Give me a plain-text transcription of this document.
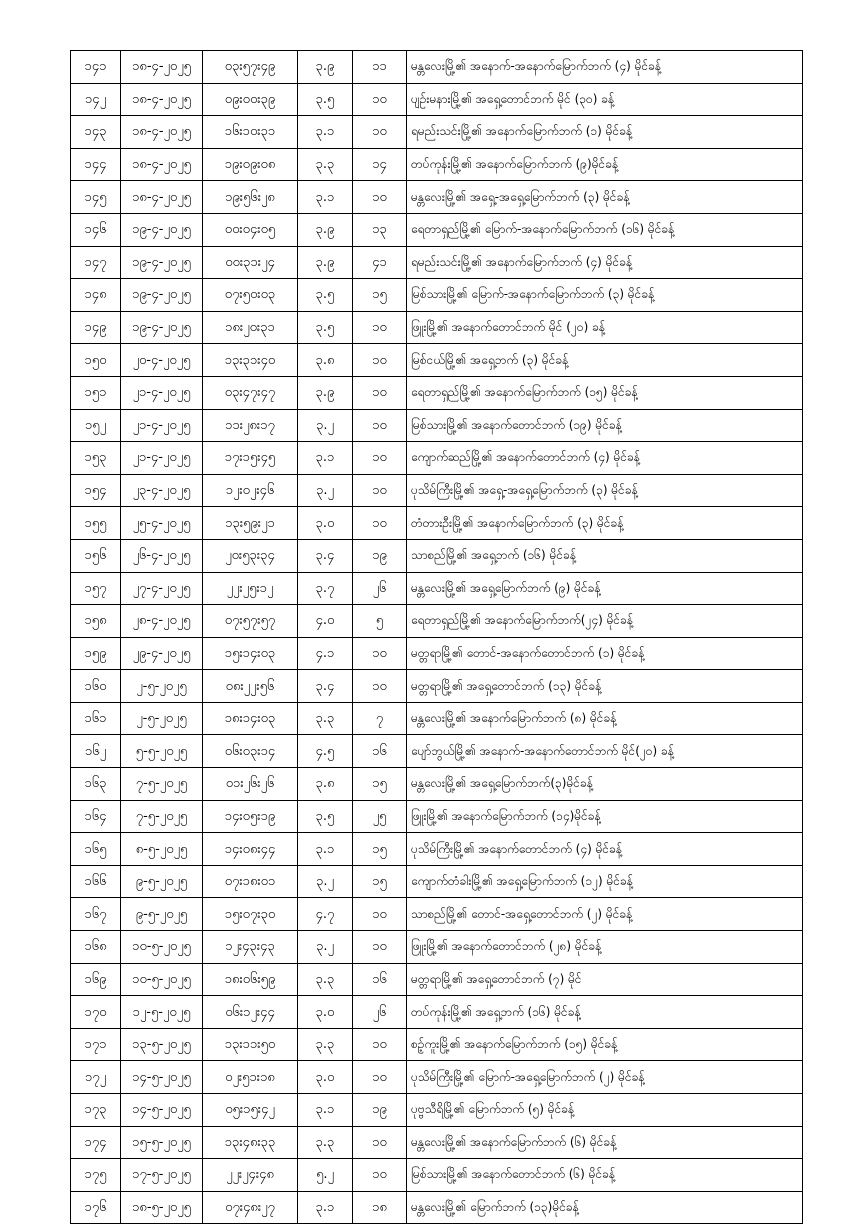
၁၄၁	၁၈-၄-၂၀၂၅	၀၃း၅၇း၄၉	၃.၉	၁၁	မန္တလေးမြို့၏ အနောက်-အနောက်မြောက်ဘက် (၄) မိုင်ခန့်
၁၄၂	၁၈-၄-၂၀၂၅	၀၉း၀၀း၃၉	၃.၅	၁၀	ပျဉ်းမနားမြို့၏ အရှေ့တောင်ဘက် မိုင် (၃၀) ခန့်
၁၄၃	၁၈-၄-၂၀၂၅	၁၆း၁၀း၃၁	၃.၁	၁၀	ရမည်းသင်းမြို့၏ အနောက်မြောက်ဘက် (၁) မိုင်ခန့်
၁၄၄	၁၈-၄-၂၀၂၅	၁၉း၀၉း၀၈	၃.၃	၁၄	တပ်ကုန်းမြို့၏ အနောက်မြောက်ဘက် (၉)မိုင်ခန့်
၁၄၅	၁၈-၄-၂၀၂၅	၁၉း၅၆း၂၈	၃.၁	၁၀	မန္တလေးမြို့၏ အရှေ့-အရှေ့မြောက်ဘက် (၃) မိုင်ခန့်
၁၄၆	၁၉-၄-၂၀၂၅	၀၀း၀၄း၀၅	၃.၉	၁၃	ရေတာရှည်မြို့၏ မြောက်-အနောက်မြောက်ဘက် (၁၆) မိုင်ခန့်
၁၄၇	၁၉-၄-၂၀၂၅	၀၀း၃၁း၂၄	၃.၉	၄၁	ရမည်းသင်းမြို့၏ အနောက်မြောက်ဘက် (၄) မိုင်ခန့်
၁၄၈	၁၉-၄-၂၀၂၅	၀၇း၅၀း၀၃	၃.၅	၁၅	မြစ်သားမြို့၏ မြောက်-အနောက်မြောက်ဘက် (၃) မိုင်ခန့်
၁၄၉	၁၉-၄-၂၀၂၅	၁၈း၂၀း၃၁	၃.၅	၁၀	ဖြူးမြို့၏ အနောက်တောင်ဘက် မိုင် (၂၀) ခန့်
၁၅၀	၂၀-၄-၂၀၂၅	၁၃း၃၁း၄၀	၃.၈	၁၀	မြစ်ငယ်မြို့၏ အရှေ့ဘက် (၃) မိုင်ခန့်
၁၅၁	၂၁-၄-၂၀၂၅	၀၃း၄၇း၄၇	၃.၉	၁၀	ရေတာရှည်မြို့၏ အနောက်မြောက်ဘက် (၁၅) မိုင်ခန့်
၁၅၂	၂၁-၄-၂၀၂၅	၁၁း၂၈း၁၇	၃.၂	၁၀	မြစ်သားမြို့၏ အနောက်တောင်ဘက် (၁၉) မိုင်ခန့်
၁၅၃	၂၁-၄-၂၀၂၅	၁၇း၁၅း၄၅	၃.၁	၁၀	ကျောက်ဆည်မြို့၏ အနောက်တောင်ဘက် (၄) မိုင်ခန့်
၁၅၄	၂၃-၄-၂၀၂၅	၁၂း၀၂း၄၆	၃.၂	၁၀	ပုသိမ်ကြီးမြို့၏ အရှေ့-အရှေ့မြောက်ဘက် (၃) မိုင်ခန့်
၁၅၅	၂၅-၄-၂၀၂၅	၁၃း၅၉း၂၁	၃.၀	၁၀	တံတားဦးမြို့၏ အနောက်မြောက်ဘက် (၃) မိုင်ခန့်
၁၅၆	၂၆-၄-၂၀၂၅	၂၀း၅၃း၃၄	၃.၄	၁၉	သာစည်မြို့၏ အရှေ့ဘက် (၁၆) မိုင်ခန့်
၁၅၇	၂၇-၄-၂၀၂၅	၂၂း၂၅း၁၂	၃.၇	၂၆	မန္တလေးမြို့၏ အရှေ့မြောက်ဘက် (၉) မိုင်ခန့်
၁၅၈	၂၈-၄-၂၀၂၅	၀၇း၅၇း၅၇	၄.၀	၅	ရေတာရှည်မြို့၏ အနောက်မြောက်ဘက်(၂၄) မိုင်ခန့်
၁၅၉	၂၉-၄-၂၀၂၅	၁၅း၁၄း၀၃	၄.၁	၁၀	မတ္တရာမြို့၏ တောင်-အနောက်တောင်ဘက် (၁) မိုင်ခန့်
၁၆၀	၂-၅-၂၀၂၅	၀၈း၂၂း၅၆	၃.၄	၁၀	မတ္တရာမြို့၏ အရှေ့တောင်ဘက် (၁၃) မိုင်ခန့်
၁၆၁	၂-၅-၂၀၂၅	၁၈း၁၄း၀၃	၃.၃	၇	မန္တလေးမြို့၏ အနောက်မြောက်ဘက် (၈) မိုင်ခန့်
၁၆၂	၅-၅-၂၀၂၅	၀၆း၀၃း၁၄	၄.၅	၁၆	ပျော်ဘွယ်မြို့၏ အနောက်-အနောက်တောင်ဘက် မိုင်(၂၀) ခန့်
၁၆၃	၇-၅-၂၀၂၅	၀၁း၂၆း၂၆	၃.၈	၁၅	မန္တလေးမြို့၏ အရှေ့မြောက်ဘက်(၃)မိုင်ခန့်
၁၆၄	၇-၅-၂၀၂၅	၁၄း၀၅း၁၉	၃.၅	၂၅	ဖြူးမြို့၏ အနောက်မြောက်ဘက် (၁၄)မိုင်ခန့်
၁၆၅	၈-၅-၂၀၂၅	၁၄း၀၈း၄၄	၃.၁	၁၅	ပုသိမ်ကြီးမြို့၏ အနောက်တောင်ဘက် (၄) မိုင်ခန့်
၁၆၆	၉-၅-၂၀၂၅	၀၇း၁၈း၀၁	၃.၂	၁၅	ကျောက်တံခါးမြို့၏ အရှေ့မြောက်ဘက် (၁၂) မိုင်ခန့်
၁၆၇	၉-၅-၂၀၂၅	၁၅း၀၇း၃၀	၄.၇	၁၀	သာစည်မြို့၏ တောင်-အရှေ့တောင်ဘက် (၂) မိုင်ခန့်
၁၆၈	၁၀-၅-၂၀၂၅	၁၂း၄၃း၄၃	၃.၂	၁၀	ဖြူးမြို့၏ အနောက်တောင်ဘက် (၂၈) မိုင်ခန့်
၁၆၉	၁၀-၅-၂၀၂၅	၁၈း၀၆း၅၉	၃.၃	၁၆	မတ္တရာမြို့၏ အရှေ့တောင်ဘက် (၇) မိုင်
၁၇၀	၁၂-၅-၂၀၂၅	၀၆း၁၂း၄၄	၃.၀	၂၆	တပ်ကုန်းမြို့၏ အရှေ့ဘက် (၁၆) မိုင်ခန့်
၁၇၁	၁၃-၅-၂၀၂၅	၁၃း၁၁း၅၀	၃.၃	၁၀	စဉ့်ကူးမြို့၏ အနောက်မြောက်ဘက် (၁၅) မိုင်ခန့်
၁၇၂	၁၄-၅-၂၀၂၅	၀၂း၅၁း၁၈	၃.၀	၁၀	ပုသိမ်ကြီးမြို့၏ မြောက်-အရှေ့မြောက်ဘက် (၂) မိုင်ခန့်
၁၇၃	၁၄-၅-၂၀၂၅	၀၅း၁၅း၄၂	၃.၁	၁၉	ပုဗ္ဗသီရိမြို့၏ မြောက်ဘက် (၅) မိုင်ခန့်
၁၇၄	၁၅-၅-၂၀၂၅	၁၃း၄၈း၃၃	၃.၃	၁၀	မန္တလေးမြို့၏ အနောက်မြောက်ဘက် (၆) မိုင်ခန့်
၁၇၅	၁၇-၅-၂၀၂၅	၂၂း၂၄း၄၈	၅.၂	၁၀	မြစ်သားမြို့၏ အနောက်တောင်ဘက် (၆) မိုင်ခန့်
၁၇၆	၁၈-၅-၂၀၂၅	၀၇း၄၈း၂၇	၃.၁	၁၈	မန္တလေးမြို့၏ မြောက်ဘက် (၁၃)မိုင်ခန့်
